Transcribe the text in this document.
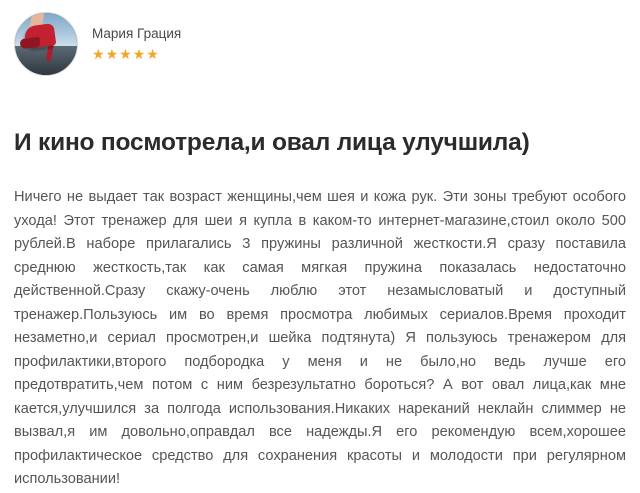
Мария Грация
★★★★★
И кино посмотрела,и овал лица улучшила)
Ничего не выдает так возраст женщины,чем шея и кожа рук. Эти зоны требуют особого ухода! Этот тренажер для шеи я купла в каком-то интернет-магазине,стоил около 500 рублей.В наборе прилагались 3 пружины различной жесткости.Я сразу поставила среднюю жесткость,так как самая мягкая пружина показалась недостаточно действенной.Сразу скажу-очень люблю этот незамысловатый и доступный тренажер.Пользуюсь им во время просмотра любимых сериалов.Время проходит незаметно,и сериал просмотрен,и шейка подтянута) Я пользуюсь тренажером для профилактики,второго подбородка у меня и не было,но ведь лучше его предотвратить,чем потом с ним безрезультатно бороться? А вот овал лица,как мне кается,улучшился за полгода использования.Никаких нареканий неклайн слиммер не вызвал,я им довольно,оправдал все надежды.Я его рекомендую всем,хорошее профилактическое средство для сохранения красоты и молодости при регулярном использовании!
